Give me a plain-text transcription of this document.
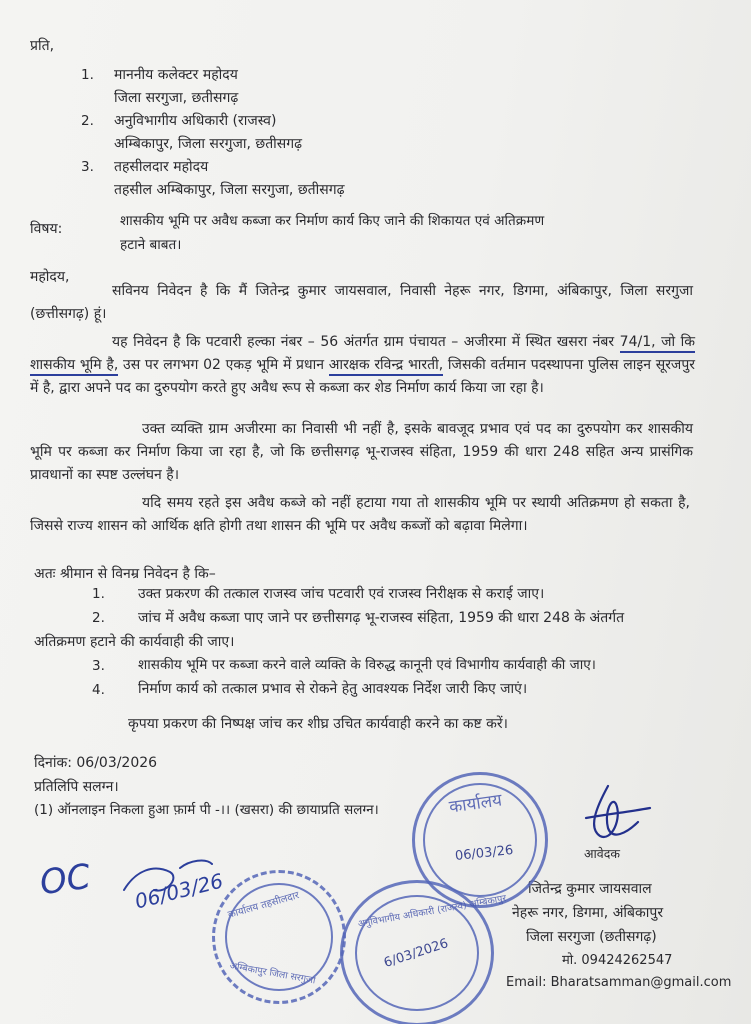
प्रति,
1. माननीय कलेक्टर महोदय
जिला सरगुजा, छतीसगढ़
2. अनुविभागीय अधिकारी (राजस्व)
अम्बिकापुर, जिला सरगुजा, छतीसगढ़
3. तहसीलदार महोदय
तहसील अम्बिकापुर, जिला सरगुजा, छतीसगढ़
विषय:	शासकीय भूमि पर अवैध कब्जा कर निर्माण कार्य किए जाने की शिकायत एवं अतिक्रमण
हटाने बाबत।
महोदय,
सविनय निवेदन है कि मैं जितेन्द्र कुमार जायसवाल, निवासी नेहरू नगर, डिगमा, अंबिकापुर, जिला सरगुजा (छत्तीसगढ़) हूं।
यह निवेदन है कि पटवारी हल्का नंबर – 56 अंतर्गत ग्राम पंचायत – अजीरमा में स्थित खसरा नंबर 74/1, जो कि शासकीय भूमि है, उस पर लगभग 02 एकड़ भूमि में प्रधान आरक्षक रविन्द्र भारती, जिसकी वर्तमान पदस्थापना पुलिस लाइन सूरजपुर में है, द्वारा अपने पद का दुरुपयोग करते हुए अवैध रूप से कब्जा कर शेड निर्माण कार्य किया जा रहा है।
उक्त व्यक्ति ग्राम अजीरमा का निवासी भी नहीं है, इसके बावजूद प्रभाव एवं पद का दुरुपयोग कर शासकीय भूमि पर कब्जा कर निर्माण किया जा रहा है, जो कि छत्तीसगढ़ भू-राजस्व संहिता, 1959 की धारा 248 सहित अन्य प्रासंगिक प्रावधानों का स्पष्ट उल्लंघन है।
यदि समय रहते इस अवैध कब्जे को नहीं हटाया गया तो शासकीय भूमि पर स्थायी अतिक्रमण हो सकता है, जिससे राज्य शासन को आर्थिक क्षति होगी तथा शासन की भूमि पर अवैध कब्जों को बढ़ावा मिलेगा।
अतः श्रीमान से विनम्र निवेदन है कि–
1. उक्त प्रकरण की तत्काल राजस्व जांच पटवारी एवं राजस्व निरीक्षक से कराई जाए।
2. जांच में अवैध कब्जा पाए जाने पर छत्तीसगढ़ भू-राजस्व संहिता, 1959 की धारा 248 के अंतर्गत
अतिक्रमण हटाने की कार्यवाही की जाए।
3. शासकीय भूमि पर कब्जा करने वाले व्यक्ति के विरुद्ध कानूनी एवं विभागीय कार्यवाही की जाए।
4. निर्माण कार्य को तत्काल प्रभाव से रोकने हेतु आवश्यक निर्देश जारी किए जाएं।
कृपया प्रकरण की निष्पक्ष जांच कर शीघ्र उचित कार्यवाही करने का कष्ट करें।
दिनांक: 06/03/2026
प्रतिलिपि सलग्न।
(1) ऑनलाइन निकला हुआ फ़ार्म पी -।। (खसरा) की छायाप्रति सलग्न।
आवेदक
जितेन्द्र कुमार जायसवाल
नेहरू नगर, डिगमा, अंबिकापुर
जिला सरगुजा (छतीसगढ़)
मो. 09424262547
Email: Bharatsamman@gmail.com
कार्यालय
06/03/26
कार्यालय तहसीलदार
अम्बिकापुर जिला सरगुजा
अनुविभागीय अधिकारी (राजस्व) अम्बिकापुर
6/03/2026
OC 06/03/26
